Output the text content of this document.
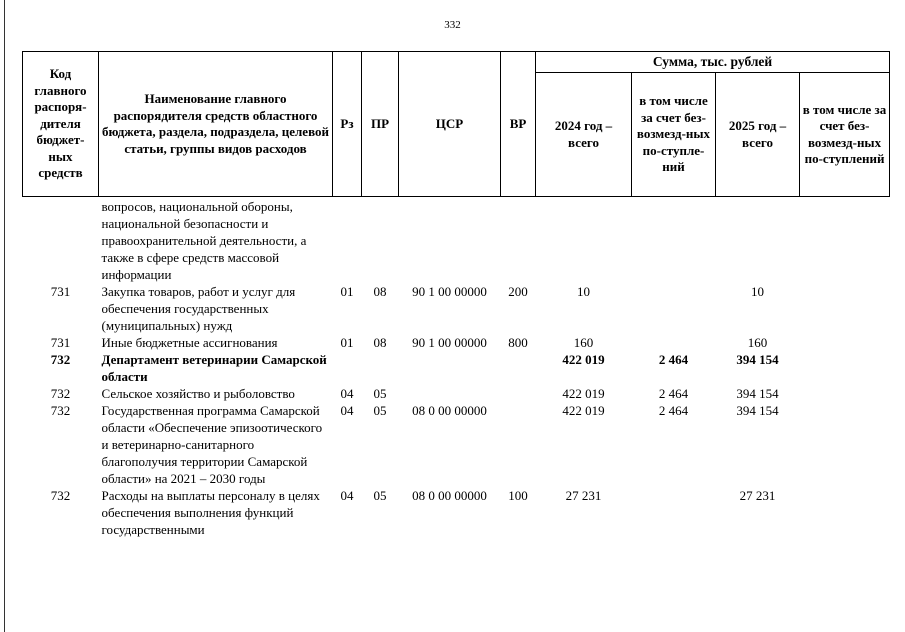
332
Код главного распоря-дителя бюджет-ных средств	Наименование главного распорядителя средств областного бюджета, раздела, подраздела, целевой статьи, группы видов расходов	Рз	ПР	ЦСР	ВР	Сумма, тыс. рублей			
						2024 год – всего	в том числе за счет без-возмезд-ных по-ступле-ний	2025 год – всего	в том числе за счет без-возмезд-ных по-ступлений
	вопросов, национальной обороны, национальной безопасности и правоохранительной деятельности, а также в сфере средств массовой информации								
731	Закупка товаров, работ и услуг для обеспечения государственных (муниципальных) нужд	01	08	90 1 00 00000	200	10		10	
731	Иные бюджетные ассигнования	01	08	90 1 00 00000	800	160		160	
732	Департамент ветеринарии Самарской области					422 019	2 464	394 154	
732	Сельское хозяйство и рыболовство	04	05			422 019	2 464	394 154	
732	Государственная программа Самарской области «Обеспечение эпизоотического и ветеринарно-санитарного благополучия территории Самарской области» на 2021 – 2030 годы	04	05	08 0 00 00000		422 019	2 464	394 154	
732	Расходы на выплаты персоналу в целях обеспечения выполнения функций государственными	04	05	08 0 00 00000	100	27 231		27 231	
